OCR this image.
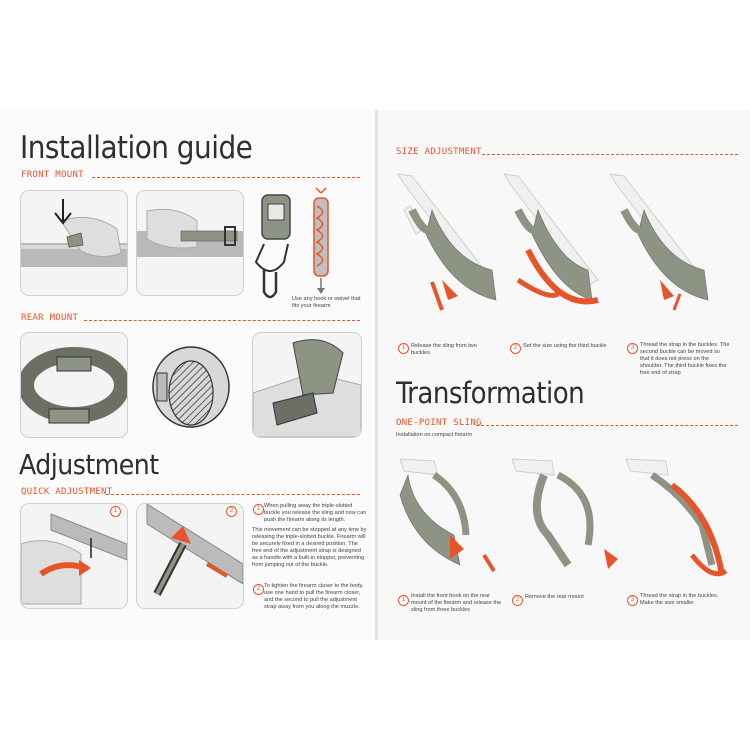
Installation guide
FRONT MOUNT
Use any hook or swivel that fits your firearm
REAR MOUNT
Adjustment
QUICK ADJUSTMENT
1	2	1 When pulling away the triple-slotted buckle you release the sling and now can push the firearm along its length.
This movement can be stopped at any time by releasing the triple-slotted buckle. Firearm will be securely fixed in a desired position. The free end of the adjustment strap is designed as a handle with a built-in stopper, preventing from jumping out of the buckle.
2 To tighten the firearm closer to the body, use one hand to pull the firearm closer, and the second to pull the adjustment strap away from you along the muzzle.
SIZE ADJUSTMENT
1	Release the sling from two buckles
2	Set the size using the third buckle	3	Thread the strap in the buckles. The second buckle can be moved so that it does not press on the shoulder. The third buckle fixes the free end of strap
Transformation
ONE-POINT SLING
Installation on compact firearm
1
Install the front hook on the rear mount of the firearm and release the sling from three buckles
2	Remove the rear mount	3
Thread the strap in the buckles. Make the size smaller
